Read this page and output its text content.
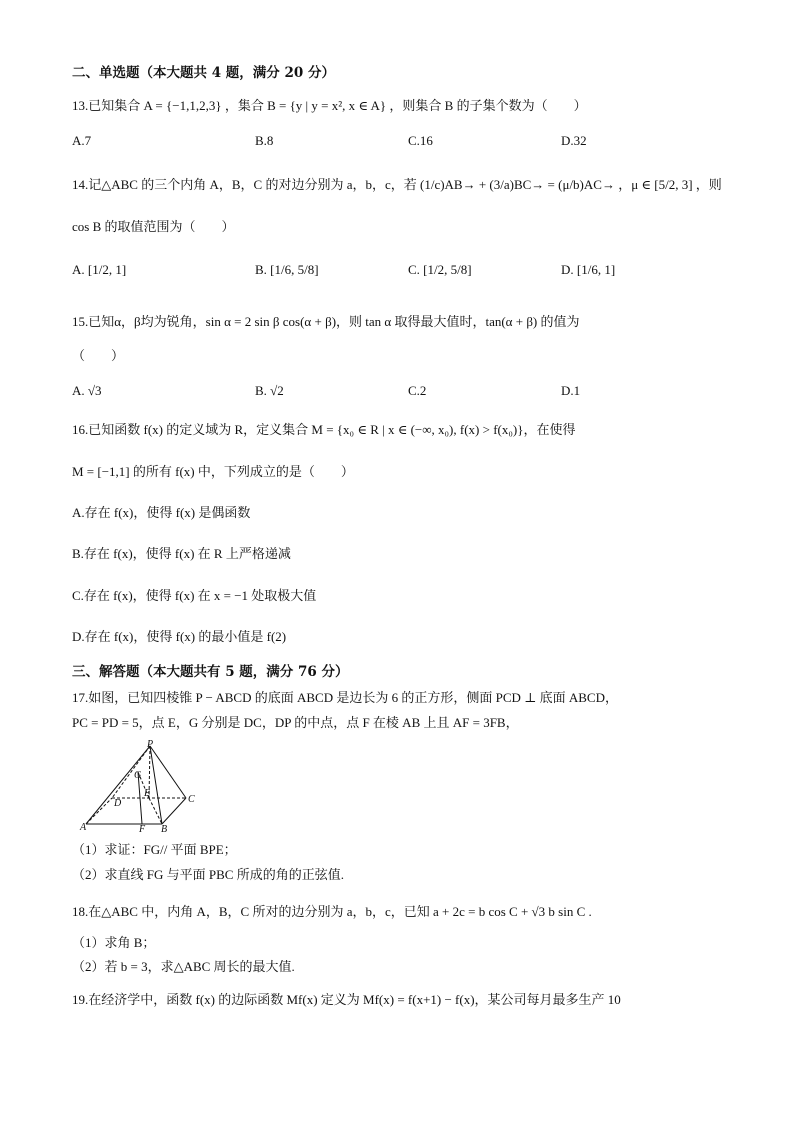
二、单选题（本大题共 4 题，满分 20 分）
13.已知集合 A = {−1,1,2,3} ，集合 B = {y | y = x², x ∈ A} ，则集合 B 的子集个数为（　　）
A.7	B.8	C.16	D.32
14.记△ABC 的三个内角 A，B，C 的对边分别为 a，b，c，若 (1/c)AB→ + (3/a)BC→ = (μ/b)AC→ ，μ ∈ [5/2, 3] ，则
cos B 的取值范围为（　　）
A. [1/2, 1]	B. [1/6, 5/8]	C. [1/2, 5/8]	D. [1/6, 1]
15.已知α，β均为锐角，sin α = 2 sin β cos(α + β)，则 tan α 取得最大值时，tan(α + β) 的值为
（　　）
A. √3	B. √2	C.2	D.1
16.已知函数 f(x) 的定义域为 R，定义集合 M = {x₀ ∈ R | x ∈ (−∞, x₀), f(x) > f(x₀)}，在使得
M = [−1,1] 的所有 f(x) 中，下列成立的是（　　）
A.存在 f(x)，使得 f(x) 是偶函数
B.存在 f(x)，使得 f(x) 在 R 上严格递减
C.存在 f(x)，使得 f(x) 在 x = −1 处取极大值
D.存在 f(x)，使得 f(x) 的最小值是 f(2)
三、解答题（本大题共有 5 题，满分 76 分）
17.如图，已知四棱锥 P − ABCD 的底面 ABCD 是边长为 6 的正方形，侧面 PCD ⊥ 底面 ABCD，
PC = PD = 5，点 E，G 分别是 DC，DP 的中点，点 F 在棱 AB 上且 AF = 3FB，
P
G
E
D	C
A	F B
（1）求证：FG// 平面 BPE；
（2）求直线 FG 与平面 PBC 所成的角的正弦值.
18.在△ABC 中，内角 A，B，C 所对的边分别为 a，b，c，已知 a + 2c = b cos C + √3 b sin C .
（1）求角 B；
（2）若 b = 3，求△ABC 周长的最大值.
19.在经济学中，函数 f(x) 的边际函数 Mf(x) 定义为 Mf(x) = f(x+1) − f(x)，某公司每月最多生产 10
